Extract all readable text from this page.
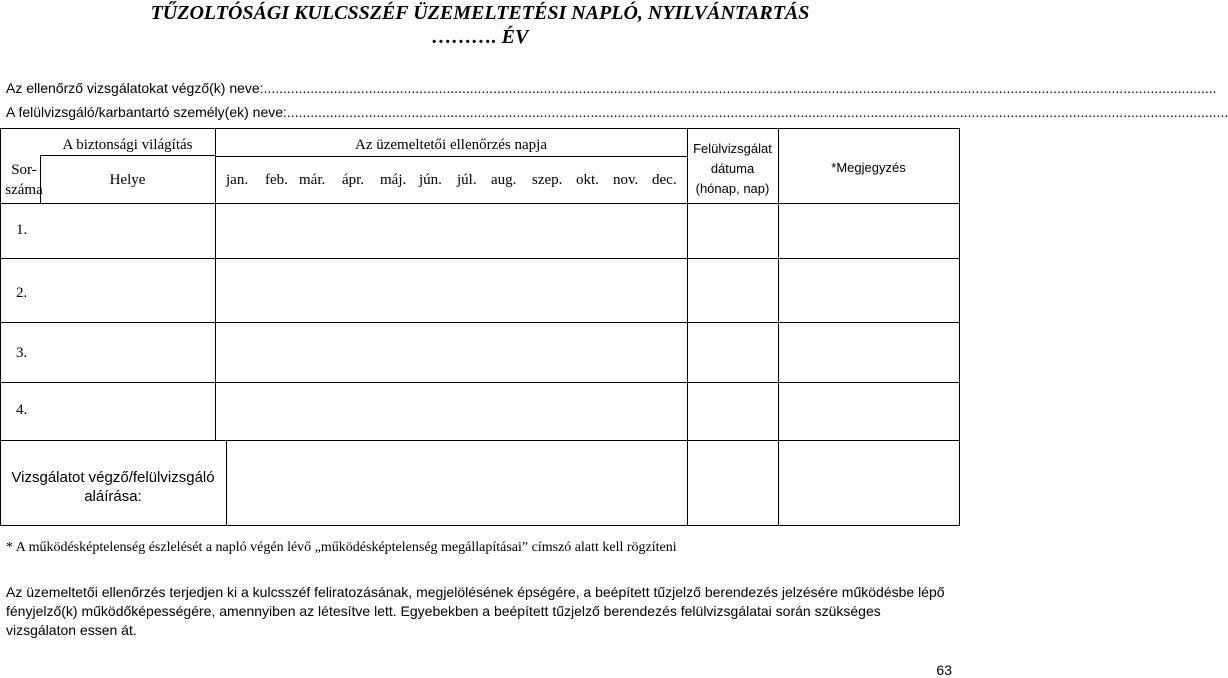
TŰZOLTÓSÁGI KULCSSZÉF ÜZEMELTETÉSI NAPLÓ, NYILVÁNTARTÁS
………. ÉV
Az ellenőrző vizsgálatokat végző(k) neve:.....................................................................................................................................................................................................................................................
A felülvizsgáló/karbantartó személy(ek) neve:..................................................................................................................................................................................................................................................
A biztonsági világítás
Sor-
száma
Helye
Az üzemeltetői ellenőrzés napja	Felülvizsgálat
dátuma
(hónap, nap)
*Megjegyzés
jan. feb. már. ápr. máj. jún. júl. aug. szep. okt. nov. dec.
1.
2.
3.
4.
Vizsgálatot végző/felülvizsgáló
aláírása:
* A működésképtelenség észlelését a napló végén lévő „működésképtelenség megállapításai” címszó alatt kell rögzíteni
Az üzemeltetői ellenőrzés terjedjen ki a kulcsszéf feliratozásának, megjelölésének épségére, a beépített tűzjelző berendezés jelzésére működésbe lépő fényjelző(k) működőképességére, amennyiben az létesítve lett. Egyebekben a beépített tűzjelző berendezés felülvizsgálatai során szükséges vizsgálaton essen át.
63
